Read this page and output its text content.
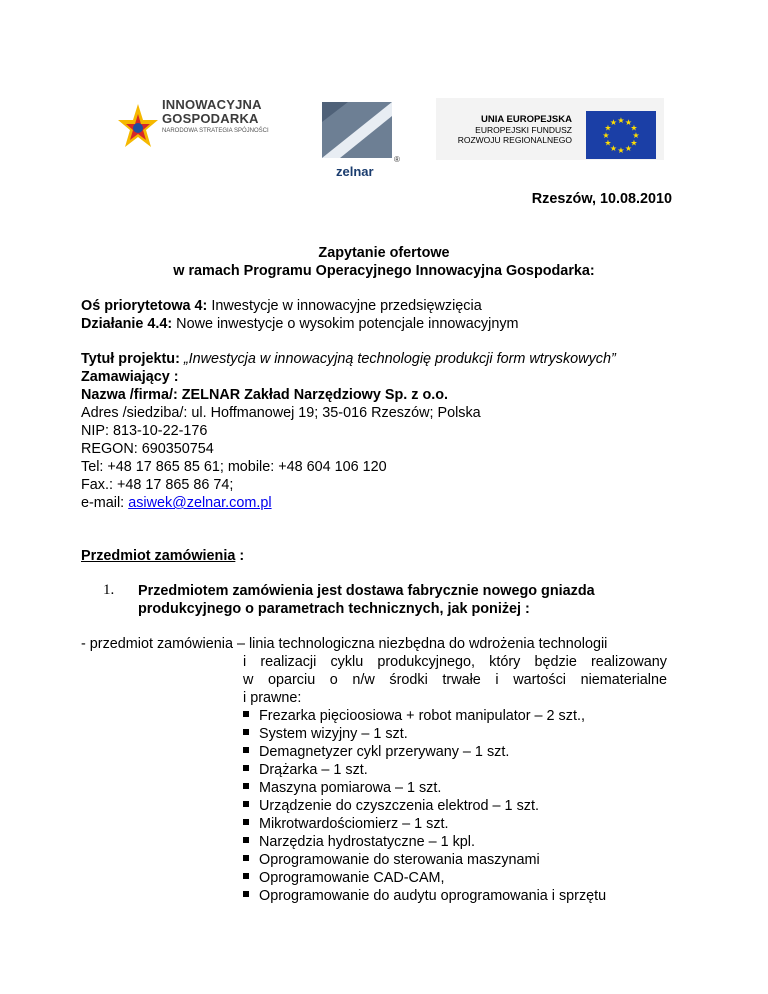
INNOWACYJNA
GOSPODARKA
NARODOWA STRATEGIA SPÓJNOŚCI
®
zelnar
UNIA EUROPEJSKA
EUROPEJSKI FUNDUSZ
ROZWOJU REGIONALNEGO	★
★
★
★
★
★
★
★
★ ★ ★
★
Rzeszów, 10.08.2010
Zapytanie ofertowe
w ramach Programu Operacyjnego Innowacyjna Gospodarka:
Oś priorytetowa 4: Inwestycje w innowacyjne przedsięwzięcia
Działanie 4.4: Nowe inwestycje o wysokim potencjale innowacyjnym
Tytuł projektu: „Inwestycja w innowacyjną technologię produkcji form wtryskowych”
Zamawiający :
Nazwa /firma/: ZELNAR Zakład Narzędziowy Sp. z o.o.
Adres /siedziba/: ul. Hoffmanowej 19; 35-016 Rzeszów; Polska
NIP: 813-10-22-176
REGON: 690350754
Tel: +48 17 865 85 61; mobile: +48 604 106 120
Fax.: +48 17 865 86 74;
e-mail: asiwek@zelnar.com.pl
Przedmiot zamówienia :
1. Przedmiotem zamówienia jest dostawa fabrycznie nowego gniazda
produkcyjnego o parametrach technicznych, jak poniżej :
- przedmiot zamówienia – linia technologiczna niezbędna do wdrożenia technologii
i realizacji cyklu produkcyjnego, który będzie realizowany
w oparciu o n/w środki trwałe i wartości niematerialne
i prawne:
Frezarka pięcioosiowa + robot manipulator – 2 szt.,
System wizyjny – 1 szt.
Demagnetyzer cykl przerywany – 1 szt.
Drążarka – 1 szt.
Maszyna pomiarowa – 1 szt.
Urządzenie do czyszczenia elektrod – 1 szt.
Mikrotwardościomierz – 1 szt.
Narzędzia hydrostatyczne – 1 kpl.
Oprogramowanie do sterowania maszynami
Oprogramowanie CAD-CAM,
Oprogramowanie do audytu oprogramowania i sprzętu
